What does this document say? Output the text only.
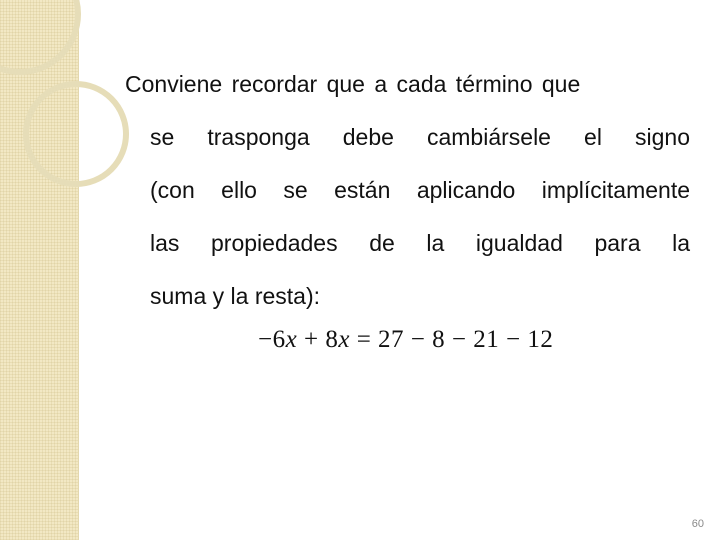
Conviene recordar que a cada término que
se trasponga debe cambiársele el signo
(con ello se están aplicando implícitamente
las propiedades de la igualdad para la
suma y la resta):
−6x + 8x = 27 − 8 − 21 − 12
60
